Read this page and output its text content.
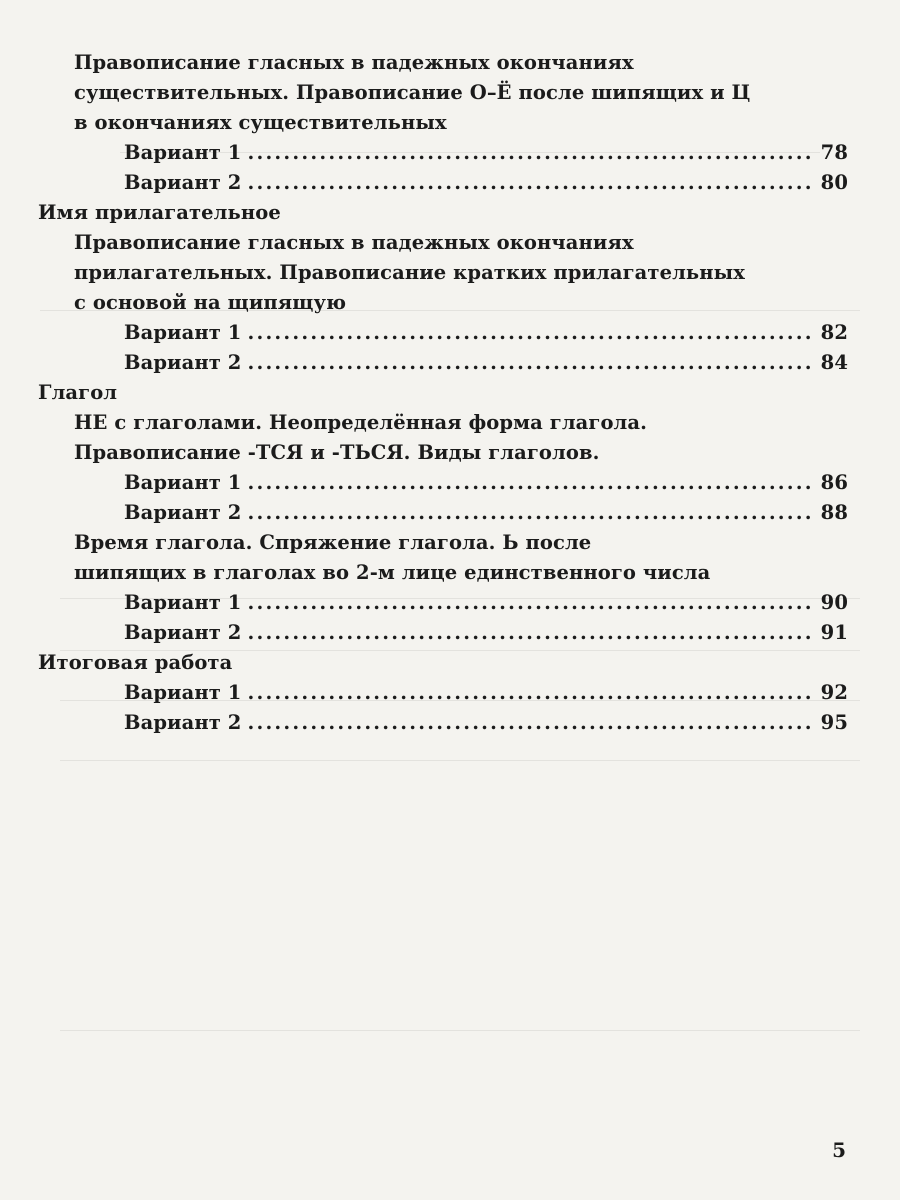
Правописание гласных в падежных окончаниях
существительных. Правописание О–Ё после шипящих и Ц
в окончаниях существительных
Вариант 1 .....	78
Вариант 2 .....	80
Имя прилагательное
Правописание гласных в падежных окончаниях
прилагательных. Правописание кратких прилагательных
с основой на щипящую
Вариант 1 .....	82
Вариант 2 .....	84
Глагол
НЕ с глаголами. Неопределённая форма глагола.
Правописание -ТСЯ и -ТЬСЯ. Виды глаголов.
Вариант 1 .....	86
Вариант 2 .....	88
Время глагола. Спряжение глагола. Ь после
шипящих в глаголах во 2-м лице единственного числа
Вариант 1 .....	90
Вариант 2 .....	91
Итоговая работа
Вариант 1 .....	92
Вариант 2 .....	95
5
